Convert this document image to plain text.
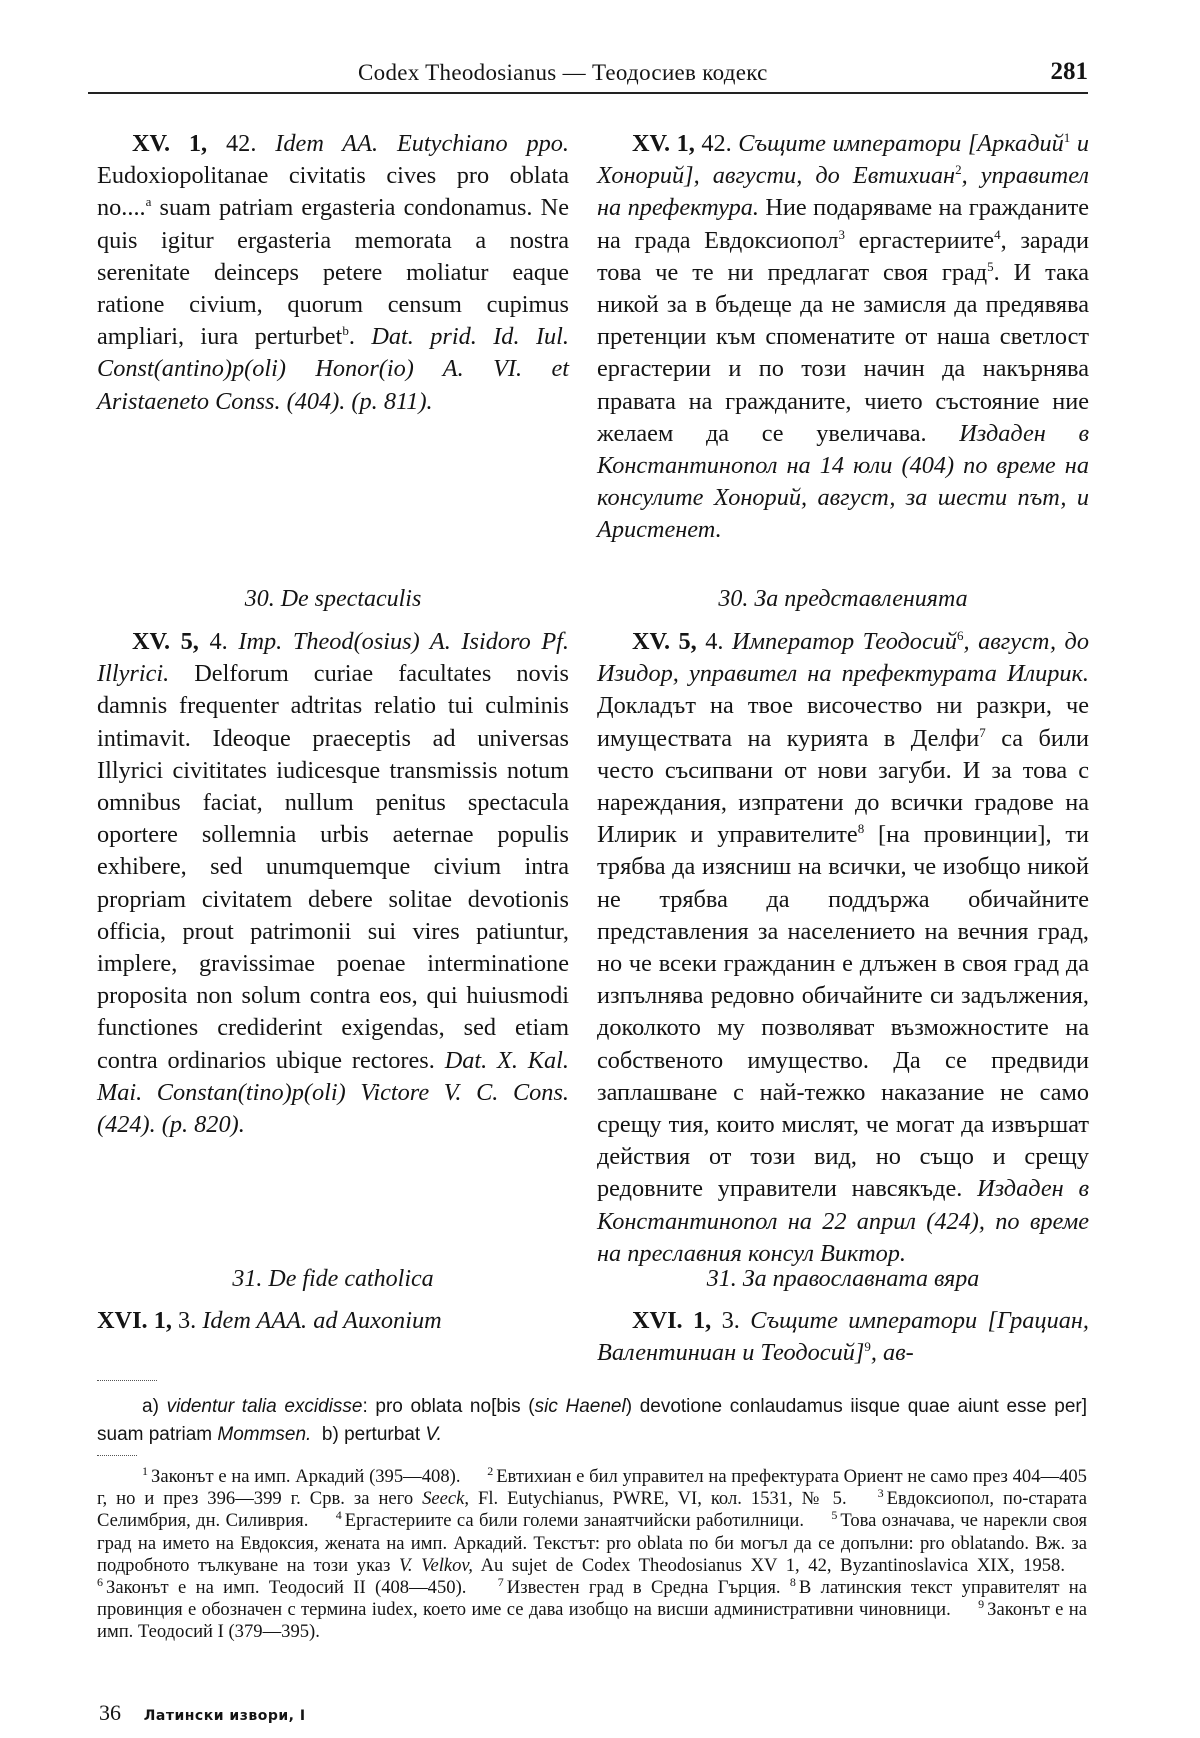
Codex Theodosianus — Теодосиев кодекс	281

XV. 1, 42. Idem AA. Eutychiano ppo. Eudoxiopolitanae civitatis cives pro oblata no....$^a$ suam patriam ergasteria condonamus. Ne quis igitur ergasteria memorata a nostra serenitate deinceps petere moliatur eaque ratione civium, quorum censum cupimus ampliari, iura perturbet$^b$. Dat. prid. Id. Iul. Const(antino)p(oli) Honor(io) A. VI. et Aristaeneto Conss. (404). (p. 811).

30. De spectaculis

XV. 5, 4. Imp. Theod(osius) A. Isidoro Pf. Illyrici. Delforum curiae facultates novis damnis frequenter adtritas relatio tui culminis intimavit. Ideoque praeceptis ad universas Illyrici civititates iudicesque transmissis notum omnibus faciat, nullum penitus spectacula oportere sollemnia urbis aeternae populis exhibere, sed unumquemque civium intra propriam civitatem debere solitae devotionis officia, prout patrimonii sui vires patiuntur, implere, gravissimae poenae interminatione proposita non solum contra eos, qui huiusmodi functiones crediderint exigendas, sed etiam contra ordinarios ubique rectores. Dat. X. Kal. Mai. Constan(tino)p(oli) Victore V. C. Cons. (424). (p. 820).

31. De fide catholica

XVI. 1, 3. Idem AAA. ad Auxonium

XV. 1, 42. Същите императори [Аркадий$^1$ и Хонорий], августи, до Евтихиан$^2$, управител на префектура. Ние подаряваме на гражданите на града Евдоксиопол$^3$ ергастериите$^4$, заради това че те ни предлагат своя град$^5$. И така никой за в бъдеще да не замисля да предявява претенции към споменатите от наша светлост ергастерии и по този начин да накърнява правата на гражданите, чието състояние ние желаем да се увеличава. Издаден в Константинопол на 14 юли (404) по време на консулите Хонорий, август, за шести път, и Аристенет.

30. За представленията

XV. 5, 4. Император Теодосий$^6$, август, до Изидор, управител на префектурата Илирик. Докладът на твое височество ни разкри, че имуществата на курията в Делфи$^7$ са били често съсипвани от нови загуби. И за това с нареждания, изпратени до всички градове на Илирик и управителите$^8$ [на провинции], ти трябва да изясниш на всички, че изобщо никой не трябва да поддържа обичайните представления за населението на вечния град, но че всеки гражданин е длъжен в своя град да изпълнява редовно обичайните си задължения, доколкото му позволяват възможностите на собственото имущество. Да се предвиди заплашване с най-тежко наказание не само срещу тия, които мислят, че могат да извършат действия от този вид, но също и срещу редовните управители навсякъде. Издаден в Константинопол на 22 април (424), по време на преславния консул Виктор.

31. За православната вяра

XVI. 1, 3. Същите императори [Грациан, Валентиниан и Теодосий]$^9$, ав-

a) videntur talia excidisse: pro oblata no[bis (sic Haenel) devotione conlaudamus iisque quae aiunt esse per] suam patriam Mommsen. b) perturbat V.

$^1$ Законът е на имп. Аркадий (395—408). $^2$ Евтихиан е бил управител на префектурата Ориент не само през 404—405 г, но и през 396—399 г. Срв. за него Seeck, Fl. Eutychianus, PWRE, VI, кол. 1531, № 5.	$^3$ Евдоксиопол, по-старата Селимбрия, дн. Силиврия. $^4$ Ергастериите са били големи занаятчийски работилници. $^5$ Това означава, че нарекли своя град на името на Евдоксия, жената на имп. Аркадий. Текстът: pro oblata по би могъл да се допълни: pro oblatando. Вж. за подробното тълкуване на този указ V. Velkov, Au sujet de Codex Theodosianus XV 1, 42, Byzantinoslavica XIX, 1958. $^6$ Законът е на имп. Теодосий II (408—450).	$^7$ Известен град в Средна Гърция. $^8$ В латинския текст управителят на провинция е обозначен с термина iudex, което име се дава изобщо на висши административни чиновници. $^9$ Законът е на имп. Теодосий I (379—395).

36 Латински извори, I
